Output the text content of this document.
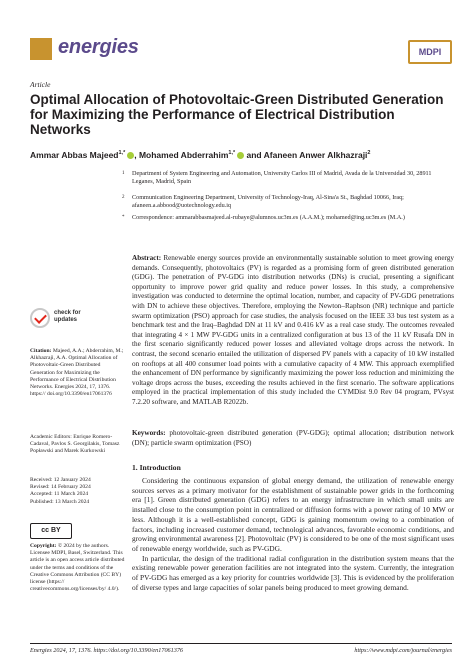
energies	MDPI
Article
Optimal Allocation of Photovoltaic-Green Distributed Generation for Maximizing the Performance of Electrical Distribution Networks
Ammar Abbas Majeed$^{1,*}$ , Mohamed Abderrahim$^{1,*}$ and Afaneen Anwer Alkhazraji$^2$
1 Department of System Engineering and Automation, University Carlos III of Madrid, Avada de la Universidad 30, 28911 Leganes, Madrid, Spain
2 Communication Engineering Department, University of Technology-Iraq, Al-Sina'a St., Baghdad 10066, Iraq; afaneen.a.abbood@uotechnology.edu.iq
* Correspondence: ammarabbasmajeed.al-rubaye@alumnos.uc3m.es (A.A.M.); mohamed@ing.uc3m.es (M.A.)
Abstract: Renewable energy sources provide an environmentally sustainable solution to meet growing energy demands. Consequently, photovoltaics (PV) is regarded as a promising form of green distributed generation (GDG). The penetration of PV-GDG into distribution networks (DNs) is crucial, presenting a significant opportunity to improve power grid quality and reduce power losses. In this study, a comprehensive investigation was conducted to determine the optimal location, number, and capacity of PV-GDG penetrations with DN to achieve these objectives. Therefore, employing the Newton–Raphson (NR) technique and particle swarm optimization (PSO) approach for case studies, the analysis focused on the IEEE 33 bus test system as a benchmark test and the Iraq–Baghdad DN at 11 kV and 0.416 kV as a real case study. The outcomes revealed that integrating 4 × 1 MW PV-GDG units in a centralized configuration at bus 13 of the 11 kV Rusafa DN in the first scenario significantly reduced power losses and alleviated voltage drops across the network. In contrast, the second scenario entailed the utilization of dispersed PV panels with a capacity of 10 kW installed on rooftops at all 400 consumer load points with a cumulative capacity of 4 MW. This approach exemplified the enhancement of DN performance by significantly maximizing the power loss reduction and minimizing the voltage drops across the buses, exceeding the results achieved in the first scenario. The software applications employed in the practical implementation of this study included the CYMDist 9.0 Rev 04 program, PVsyst 7.2.20 software, and MATLAB R2022b.
Keywords: photovoltaic-green distributed generation (PV-GDG); optimal allocation; distribution network (DN); particle swarm optimization (PSO)
1. Introduction

Considering the continuous expansion of global energy demand, the utilization of renewable energy sources serves as a primary motivator for the establishment of sustainable power grids in the forthcoming era [1]. Green distributed generation (GDG) refers to an energy infrastructure in which small units are installed close to the consumption point in centralized or diffusion forms with a power rating of 10 MW or less. Although it is a well-established concept, GDG is gaining momentum owing to a combination of factors, including increased customer demand, technological advances, favorable economic conditions, and growing environmental awareness [2]. Photovoltaic (PV) is considered to be one of the most significant uses of renewable energy worldwide, such as PV-GDG.

In particular, the design of the traditional radial configuration in the distribution system means that the existing renewable power generation facilities are not integrated into the system. Currently, the integration of PV-GDG has emerged as a key priority for countries worldwide [3]. This is evidenced by the proliferation of diverse types and large capacities of solar panels being produced to meet growing demand.

check for
updates
Citation: Majeed, A.A.; Abderrahim, M.; Alkhazraji, A.A. Optimal Allocation of Photovoltaic-Green Distributed Generation for Maximizing the Performance of Electrical Distribution Networks. Energies 2024, 17, 1376. https:// doi.org/10.3390/en17061376
Academic Editors: Enrique Romero-Cadaval, Pavlos S. Georgilakis, Tomasz Popławski and Marek Kurkowski
Received: 12 January 2024
Revised: 14 February 2024
Accepted: 11 March 2024
Published: 13 March 2024
cc BY
Copyright: © 2024 by the authors. Licensee MDPI, Basel, Switzerland. This article is an open access article distributed under the terms and conditions of the Creative Commons Attribution (CC BY) license (https:// creativecommons.org/licenses/by/ 4.0/).
Energies 2024, 17, 1376. https://doi.org/10.3390/en17061376	https://www.mdpi.com/journal/energies
